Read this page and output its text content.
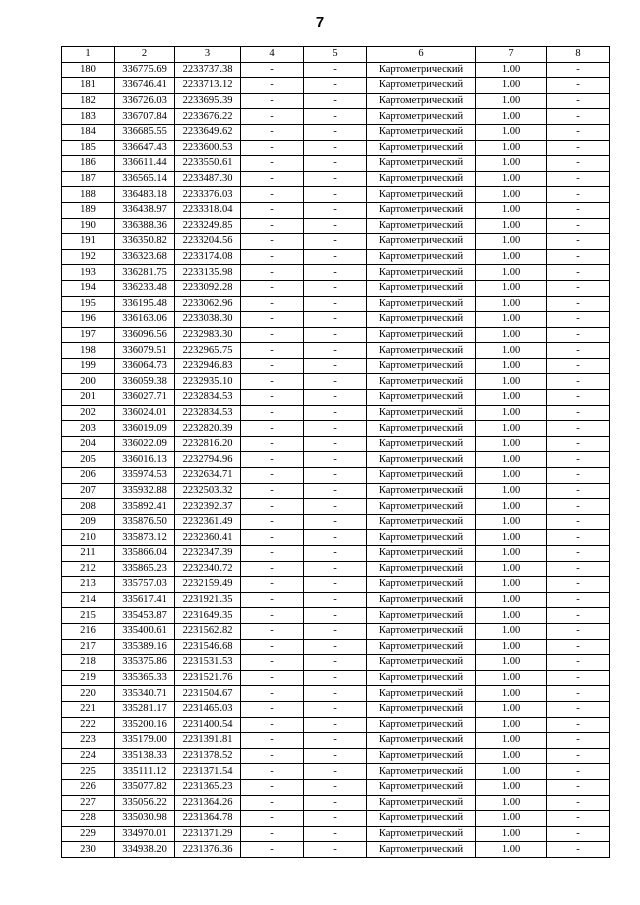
7
1	2	3	4	5	6	7	8
180	336775.69	2233737.38	-	-	Картометрический	1.00	-
181	336746.41	2233713.12	-	-	Картометрический	1.00	-
182	336726.03	2233695.39	-	-	Картометрический	1.00	-
183	336707.84	2233676.22	-	-	Картометрический	1.00	-
184	336685.55	2233649.62	-	-	Картометрический	1.00	-
185	336647.43	2233600.53	-	-	Картометрический	1.00	-
186	336611.44	2233550.61	-	-	Картометрический	1.00	-
187	336565.14	2233487.30	-	-	Картометрический	1.00	-
188	336483.18	2233376.03	-	-	Картометрический	1.00	-
189	336438.97	2233318.04	-	-	Картометрический	1.00	-
190	336388.36	2233249.85	-	-	Картометрический	1.00	-
191	336350.82	2233204.56	-	-	Картометрический	1.00	-
192	336323.68	2233174.08	-	-	Картометрический	1.00	-
193	336281.75	2233135.98	-	-	Картометрический	1.00	-
194	336233.48	2233092.28	-	-	Картометрический	1.00	-
195	336195.48	2233062.96	-	-	Картометрический	1.00	-
196	336163.06	2233038.30	-	-	Картометрический	1.00	-
197	336096.56	2232983.30	-	-	Картометрический	1.00	-
198	336079.51	2232965.75	-	-	Картометрический	1.00	-
199	336064.73	2232946.83	-	-	Картометрический	1.00	-
200	336059.38	2232935.10	-	-	Картометрический	1.00	-
201	336027.71	2232834.53	-	-	Картометрический	1.00	-
202	336024.01	2232834.53	-	-	Картометрический	1.00	-
203	336019.09	2232820.39	-	-	Картометрический	1.00	-
204	336022.09	2232816.20	-	-	Картометрический	1.00	-
205	336016.13	2232794.96	-	-	Картометрический	1.00	-
206	335974.53	2232634.71	-	-	Картометрический	1.00	-
207	335932.88	2232503.32	-	-	Картометрический	1.00	-
208	335892.41	2232392.37	-	-	Картометрический	1.00	-
209	335876.50	2232361.49	-	-	Картометрический	1.00	-
210	335873.12	2232360.41	-	-	Картометрический	1.00	-
211	335866.04	2232347.39	-	-	Картометрический	1.00	-
212	335865.23	2232340.72	-	-	Картометрический	1.00	-
213	335757.03	2232159.49	-	-	Картометрический	1.00	-
214	335617.41	2231921.35	-	-	Картометрический	1.00	-
215	335453.87	2231649.35	-	-	Картометрический	1.00	-
216	335400.61	2231562.82	-	-	Картометрический	1.00	-
217	335389.16	2231546.68	-	-	Картометрический	1.00	-
218	335375.86	2231531.53	-	-	Картометрический	1.00	-
219	335365.33	2231521.76	-	-	Картометрический	1.00	-
220	335340.71	2231504.67	-	-	Картометрический	1.00	-
221	335281.17	2231465.03	-	-	Картометрический	1.00	-
222	335200.16	2231400.54	-	-	Картометрический	1.00	-
223	335179.00	2231391.81	-	-	Картометрический	1.00	-
224	335138.33	2231378.52	-	-	Картометрический	1.00	-
225	335111.12	2231371.54	-	-	Картометрический	1.00	-
226	335077.82	2231365.23	-	-	Картометрический	1.00	-
227	335056.22	2231364.26	-	-	Картометрический	1.00	-
228	335030.98	2231364.78	-	-	Картометрический	1.00	-
229	334970.01	2231371.29	-	-	Картометрический	1.00	-
230	334938.20	2231376.36	-	-	Картометрический	1.00	-
